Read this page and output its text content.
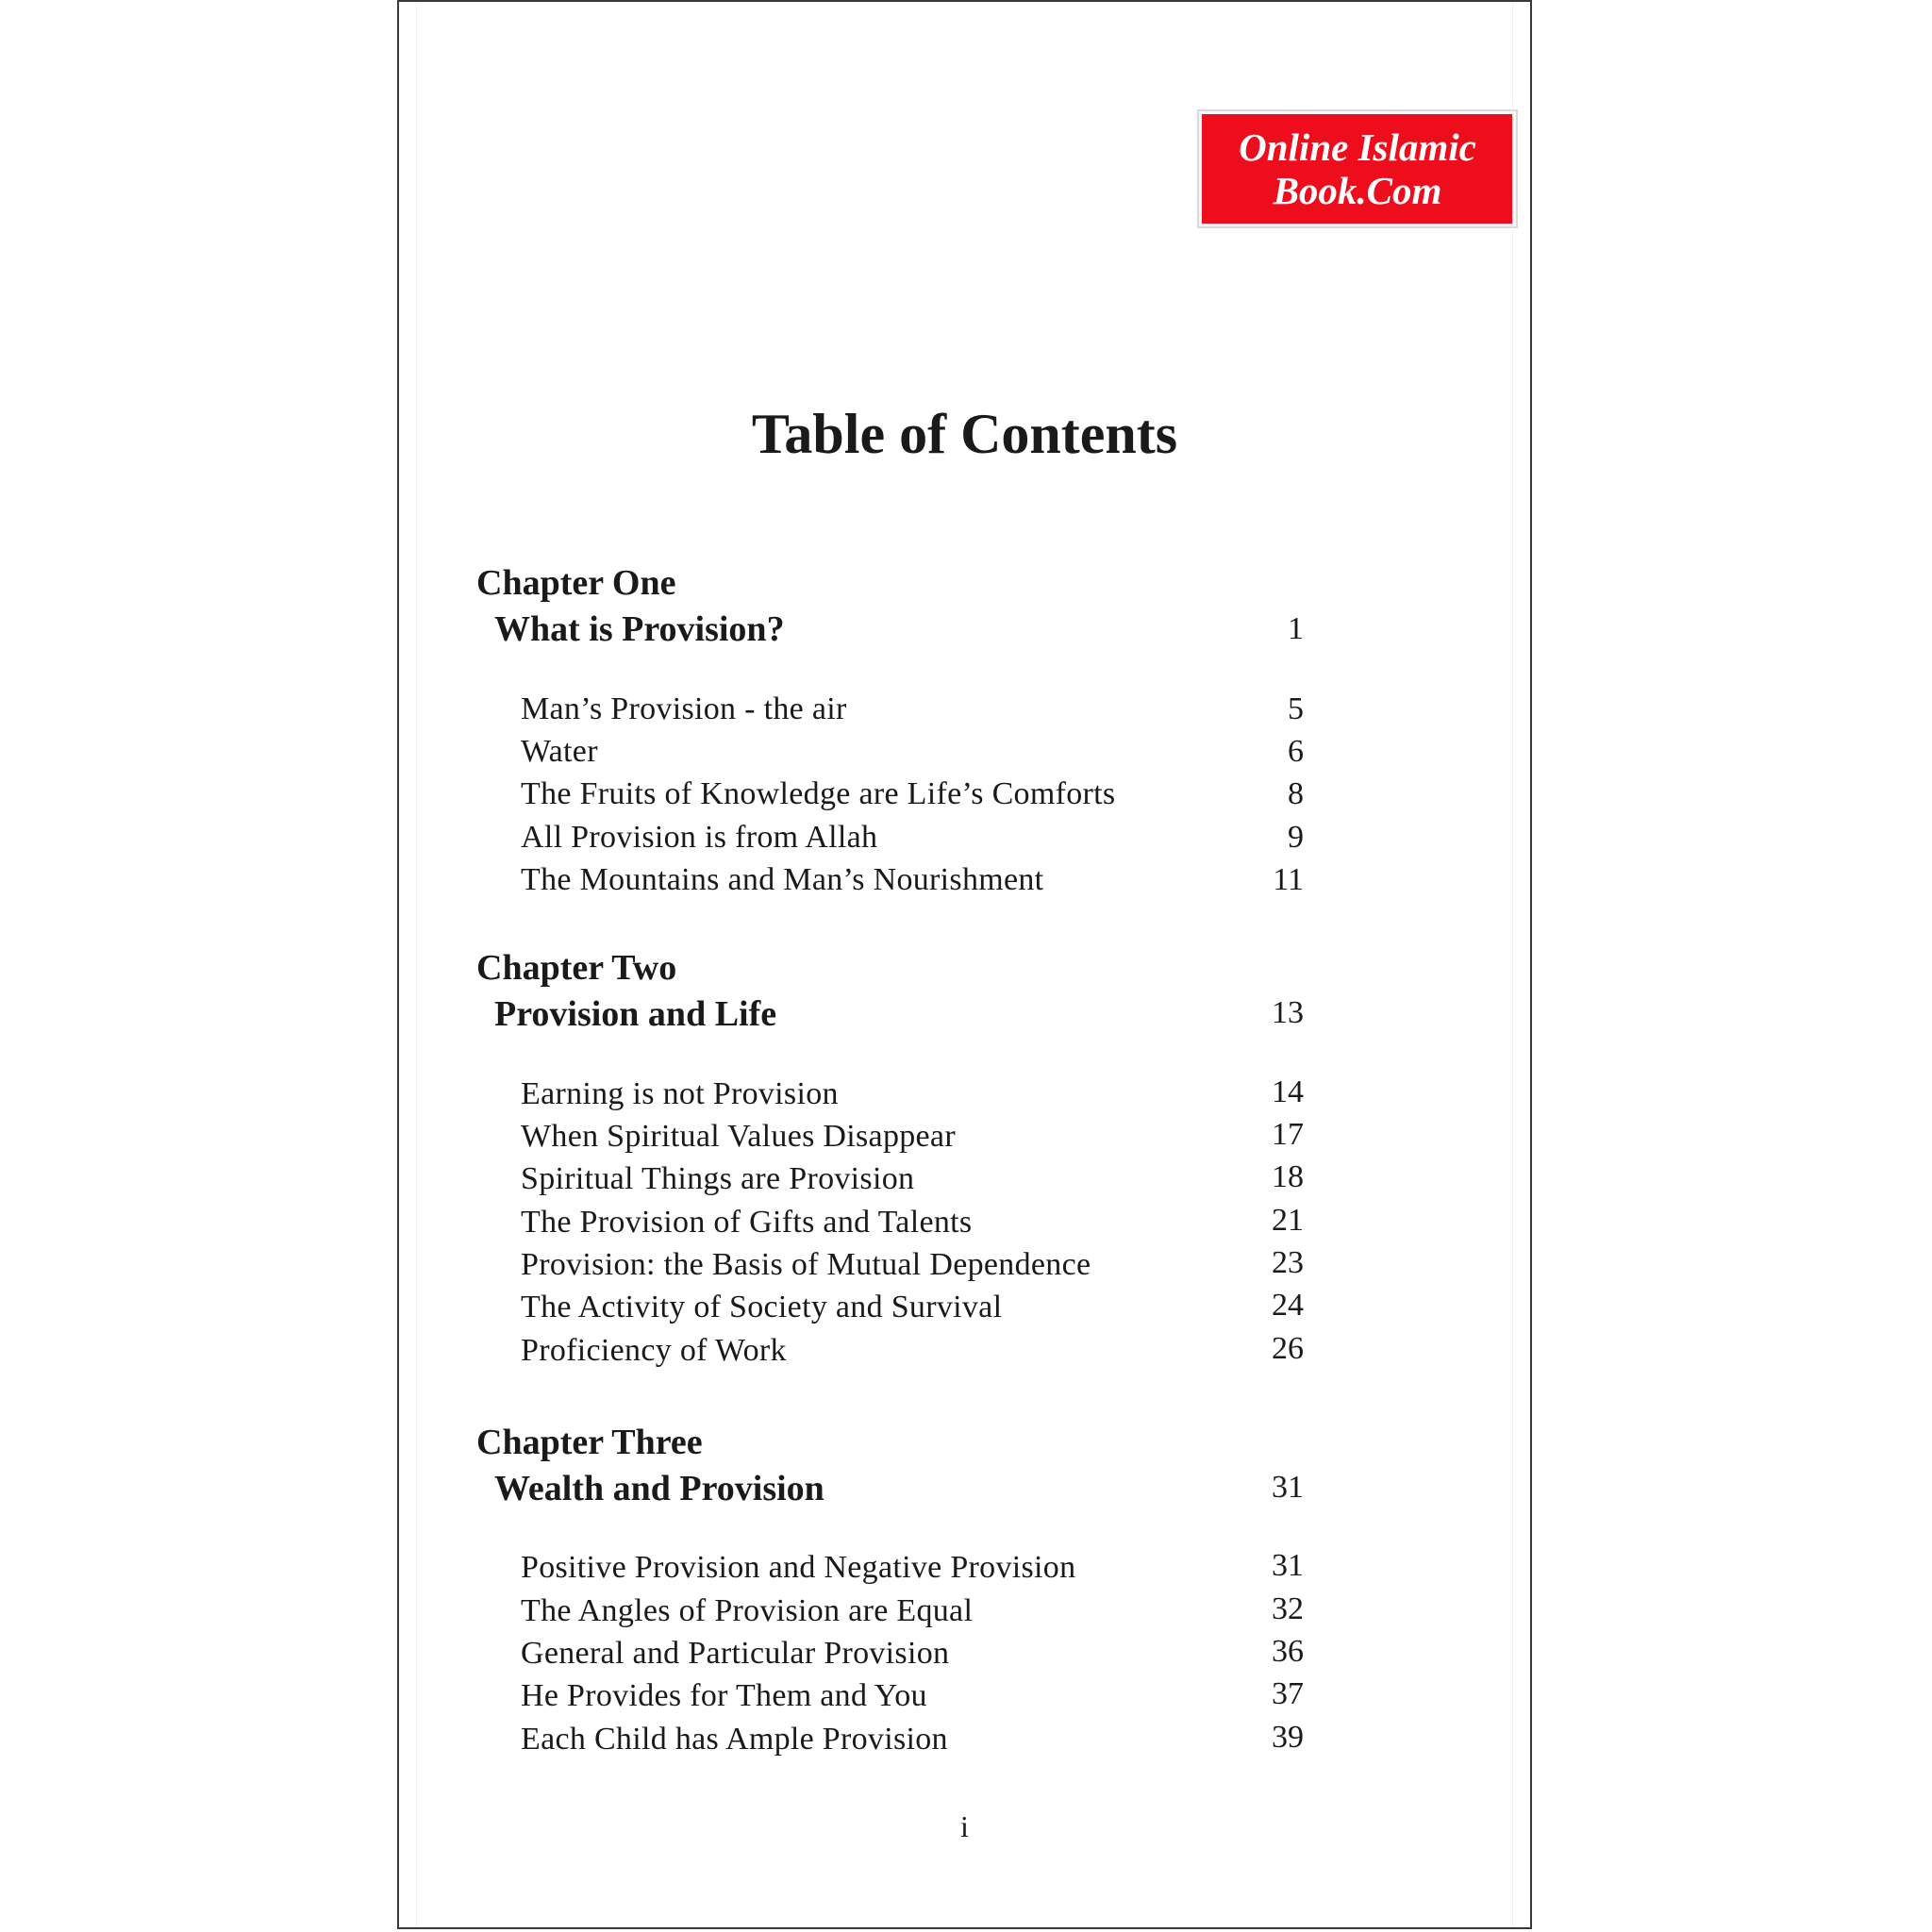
Online Islamic
Book.Com
Table of Contents
Chapter One
What is Provision?	1
Man’s Provision - the air	5
Water	6
The Fruits of Knowledge are Life’s Comforts	8
All Provision is from Allah	9
The Mountains and Man’s Nourishment	11
Chapter Two
Provision and Life	13
Earning is not Provision	14
When Spiritual Values Disappear	17
Spiritual Things are Provision	18
The Provision of Gifts and Talents	21
Provision: the Basis of Mutual Dependence	23
The Activity of Society and Survival	24
Proficiency of Work	26
Chapter Three
Wealth and Provision	31
Positive Provision and Negative Provision	31
The Angles of Provision are Equal	32
General and Particular Provision	36
He Provides for Them and You	37
Each Child has Ample Provision	39
i
